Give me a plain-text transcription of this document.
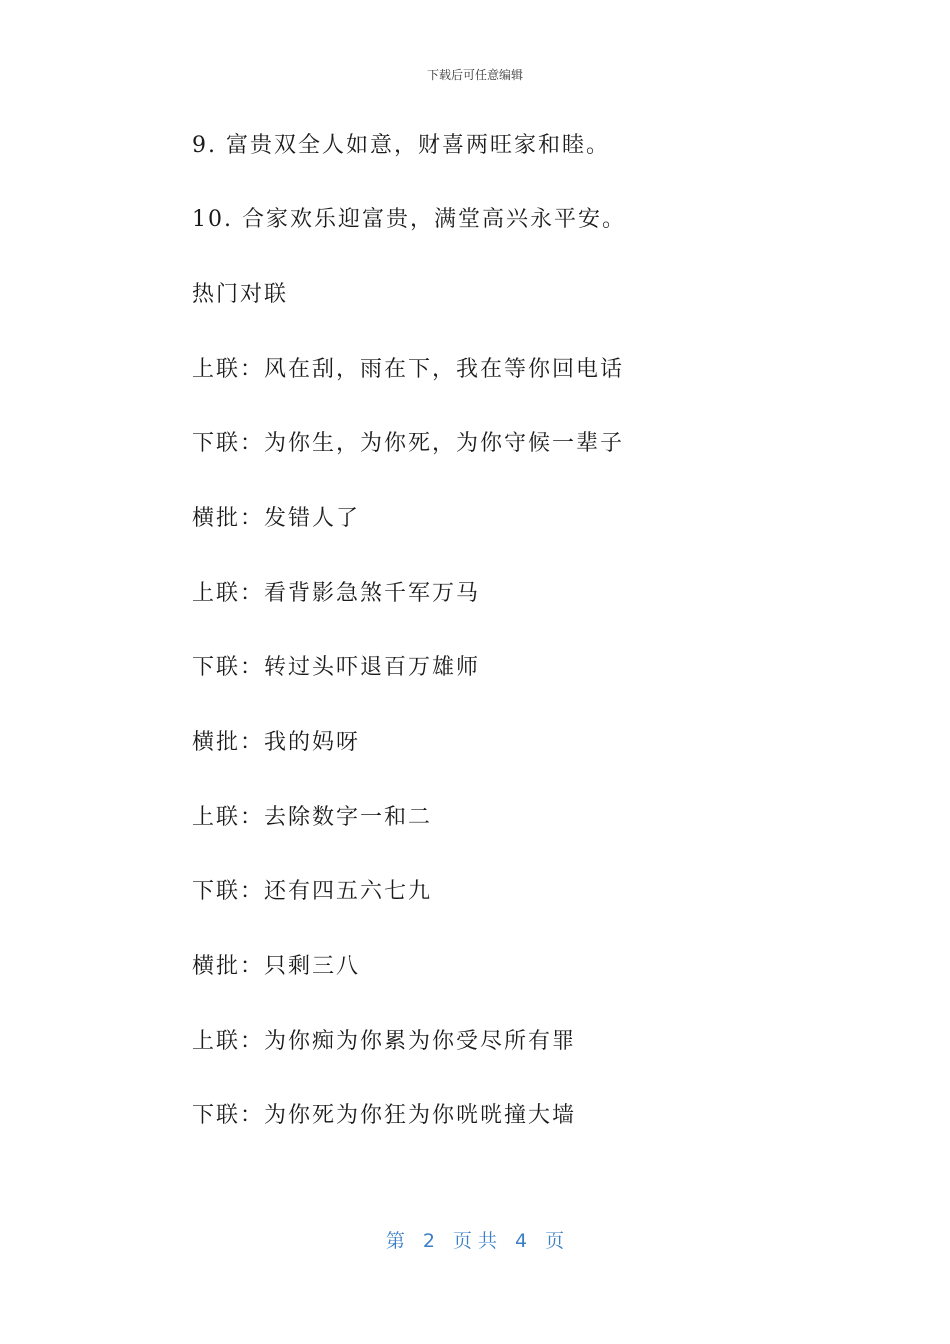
下载后可任意编辑
9. 富贵双全人如意，财喜两旺家和睦。
10. 合家欢乐迎富贵，满堂高兴永平安。
热门对联
上联：风在刮，雨在下，我在等你回电话
下联：为你生，为你死，为你守候一辈子
横批：发错人了
上联：看背影急煞千军万马
下联：转过头吓退百万雄师
横批：我的妈呀
上联：去除数字一和二
下联：还有四五六七九
横批：只剩三八
上联：为你痴为你累为你受尽所有罪
下联：为你死为你狂为你咣咣撞大墙
第 2 页 共 4 页
